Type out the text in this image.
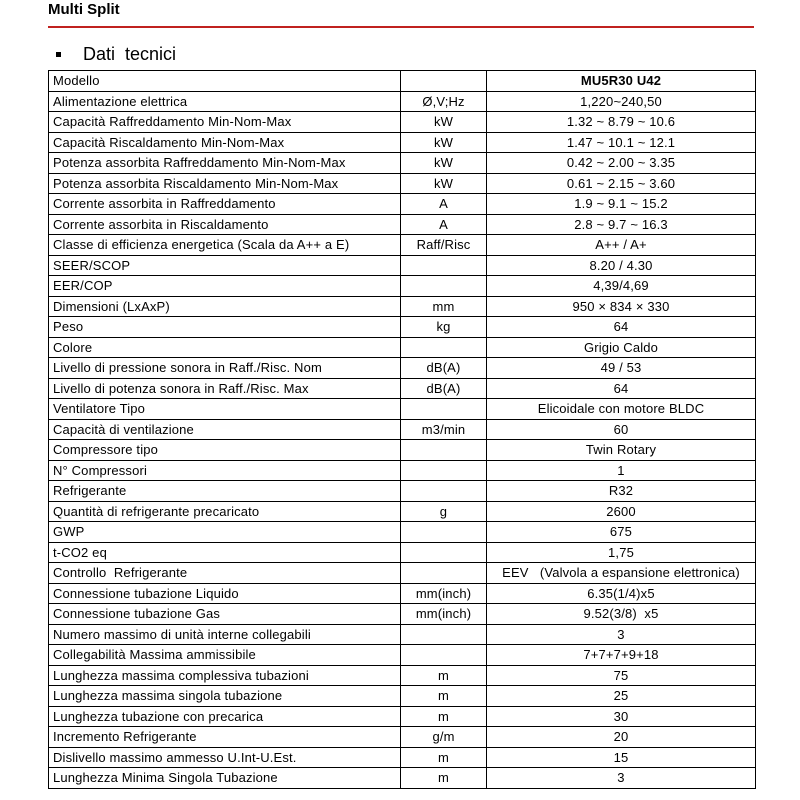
Multi Split
Dati  tecnici
Modello		MU5R30 U42
Alimentazione elettrica	Ø,V;Hz	1,220~240,50
Capacità Raffreddamento Min-Nom-Max	kW	1.32 ~ 8.79 ~ 10.6
Capacità Riscaldamento Min-Nom-Max	kW	1.47 ~ 10.1 ~ 12.1
Potenza assorbita Raffreddamento Min-Nom-Max	kW	0.42 ~ 2.00 ~ 3.35
Potenza assorbita Riscaldamento Min-Nom-Max	kW	0.61 ~ 2.15 ~ 3.60
Corrente assorbita in Raffreddamento	A	1.9 ~ 9.1 ~ 15.2
Corrente assorbita in Riscaldamento	A	2.8 ~ 9.7 ~ 16.3
Classe di efficienza energetica (Scala da A++ a E)	Raff/Risc	A++ / A+
SEER/SCOP		8.20 / 4.30
EER/COP		4,39/4,69
Dimensioni (LxAxP)	mm	950 × 834 × 330
Peso	kg	64
Colore		Grigio Caldo
Livello di pressione sonora in Raff./Risc. Nom	dB(A)	49 / 53
Livello di potenza sonora in Raff./Risc. Max	dB(A)	64
Ventilatore Tipo		Elicoidale con motore BLDC
Capacità di ventilazione	m3/min	60
Compressore tipo		Twin Rotary
N° Compressori		1
Refrigerante		R32
Quantità di refrigerante precaricato	g	2600
GWP		675
t-CO2 eq		1,75
Controllo  Refrigerante		EEV   (Valvola a espansione elettronica)
Connessione tubazione Liquido	mm(inch)	6.35(1/4)x5
Connessione tubazione Gas	mm(inch)	9.52(3/8)  x5
Numero massimo di unità interne collegabili		3
Collegabilità Massima ammissibile		7+7+7+9+18
Lunghezza massima complessiva tubazioni	m	75
Lunghezza massima singola tubazione	m	25
Lunghezza tubazione con precarica	m	30
Incremento Refrigerante	g/m	20
Dislivello massimo ammesso U.Int-U.Est.	m	15
Lunghezza Minima Singola Tubazione	m	3
